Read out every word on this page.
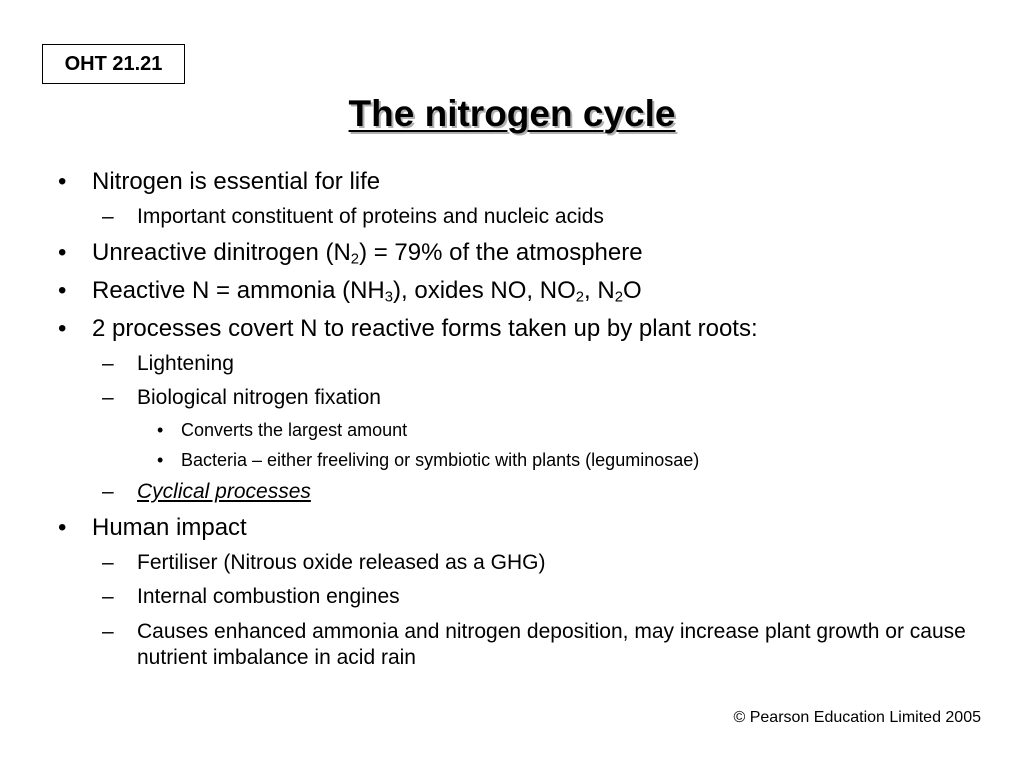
OHT 21.21
The nitrogen cycle
• Nitrogen is essential for life
– Important constituent of proteins and nucleic acids
• Unreactive dinitrogen $(N_2) = 79\%$ of the atmosphere
• Reactive N = ammonia $(NH_3)$, oxides NO, $NO_2$, $N_2O$
• 2 processes covert N to reactive forms taken up by plant roots:
– Lightening
– Biological nitrogen fixation
• Converts the largest amount
• Bacteria – either freeliving or symbiotic with plants (leguminosae)
– Cyclical processes
• Human impact
– Fertiliser (Nitrous oxide released as a GHG)
– Internal combustion engines
– Causes enhanced ammonia and nitrogen deposition, may increase plant growth or cause nutrient imbalance in acid rain
© Pearson Education Limited 2005
